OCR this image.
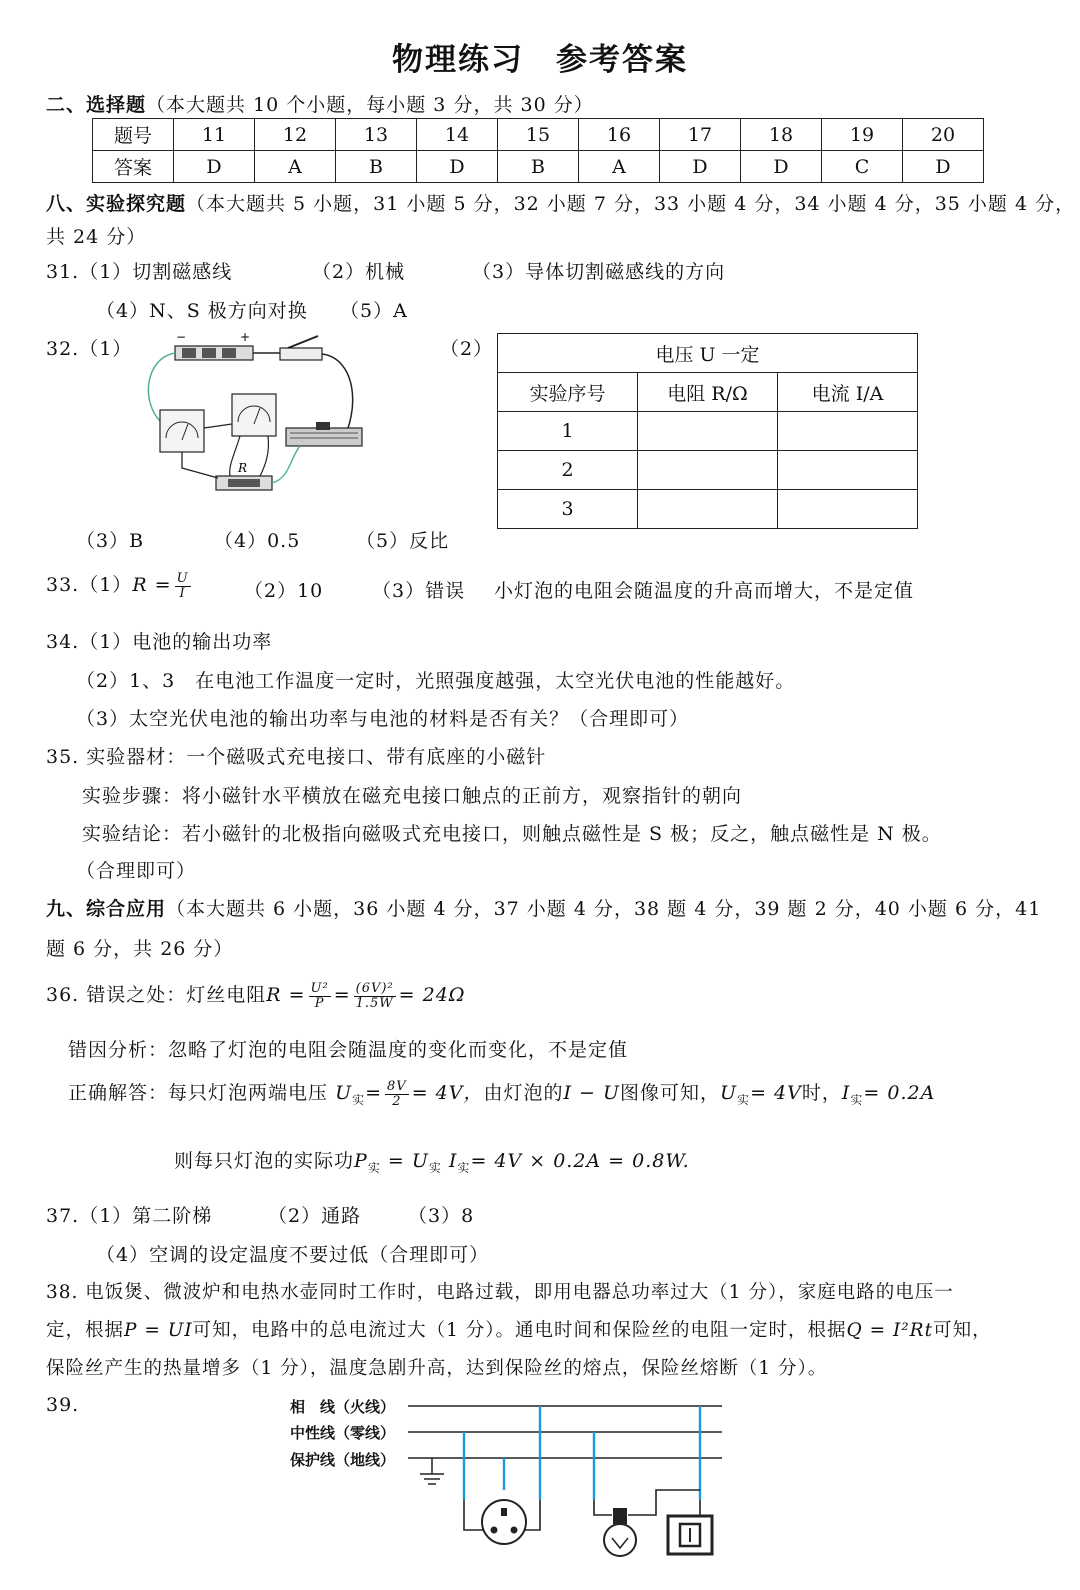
物理练习 参考答案
二、选择题（本大题共 10 个小题，每小题 3 分，共 30 分）
题号	11	12	13	14	15	16	17	18	19	20
答案	D	A	B	D	B	A	D	D	C	D
八、实验探究题（本大题共 5 小题，31 小题 5 分，32 小题 7 分，33 小题 4 分，34 小题 4 分，35 小题 4 分，
共 24 分）
31.（1）切割磁感线	（2）机械	（3）导体切割磁感线的方向
（4）N、S 极方向对换 （5）A
32.（1）	（2）
−	+
R
电压 U 一定		
实验序号	电阻 R/Ω	电流 I/A
1		
2		
3		
（3）B	（4）0.5	（5）反比
$33.(1)R = \frac{U}{I}$	（2）10	（3）错误 小灯泡的电阻会随温度的升高而增大，不是定值
34.（1）电池的输出功率
（2）1、3　在电池工作温度一定时，光照强度越强，太空光伏电池的性能越好。
（3）太空光伏电池的输出功率与电池的材料是否有关？（合理即可）
35. 实验器材：一个磁吸式充电接口、带有底座的小磁针
实验步骤：将小磁针水平横放在磁充电接口触点的正前方，观察指针的朝向
实验结论：若小磁针的北极指向磁吸式充电接口，则触点磁性是 S 极；反之，触点磁性是 N 极。
（合理即可）
九、综合应用（本大题共 6 小题，36 小题 4 分，37 小题 4 分，38 题 4 分，39 题 2 分，40 小题 6 分，41
题 6 分，共 26 分）
36. 错误之处：灯丝电阻$R = \frac{\text{U²}}{P} = \frac{\text{(6V)²}}{1.5W} = 24\Omega$
错因分析：忽略了灯泡的电阻会随温度的变化而变化，不是定值
正确解答：每只灯泡两端电压 $U_实= \frac{8V}{2} = 4V$，由灯泡的I − U图像可知，$U_实= 4V$时，$I_实= 0.2A$
则每只灯泡的实际功$P_实 = U_实$ $I_实= 4V \times 0.2A = 0.8W$.
37.（1）第二阶梯	（2）通路 （3）8
（4）空调的设定温度不要过低（合理即可）
38. 电饭煲、微波炉和电热水壶同时工作时，电路过载，即用电器总功率过大（1 分），家庭电路的电压一
定，根据P = UI可知，电路中的总电流过大（1 分）。通电时间和保险丝的电阻一定时，根据Q = I²Rt可知，
保险丝产生的热量增多（1 分），温度急剧升高，达到保险丝的熔点，保险丝熔断（1 分）。
39.	相　线（火线）
中性线（零线）
保护线（地线）
